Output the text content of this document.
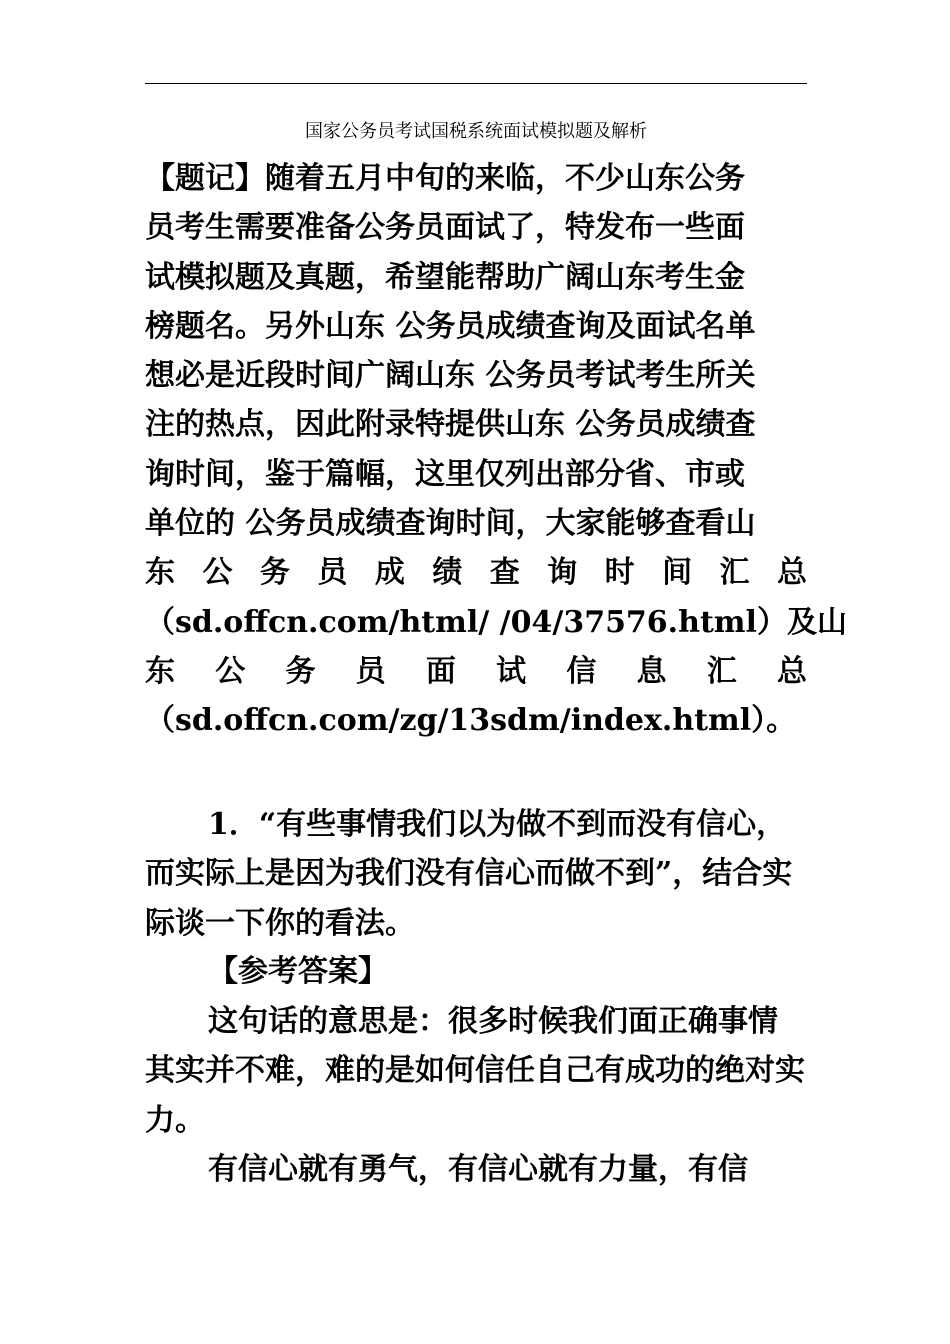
国家公务员考试国税系统面试模拟题及解析
【题记】随着五月中旬的来临，不少山东公务
员考生需要准备公务员面试了，特发布一些面
试模拟题及真题，希望能帮助广阔山东考生金
榜题名。另外山东 公务员成绩查询及面试名单
想必是近段时间广阔山东 公务员考试考生所关
注的热点，因此附录特提供山东 公务员成绩查
询时间，鉴于篇幅，这里仅列出部分省、市或
单位的 公务员成绩查询时间，大家能够查看山
东 公 务 员 成 绩 查 询 时 间 汇 总
（sd.offcn.com/html/ /04/37576.html）及山
东 公 务 员 面 试 信 息 汇 总
（sd.offcn.com/zg/13sdm/index.html）。

1．“有些事情我们以为做不到而没有信心，而实际上是因为我们没有信心而做不到”，结合实际谈一下你的看法。

【参考答案】

这句话的意思是：很多时候我们面正确事情其实并不难，难的是如何信任自己有成功的绝对实力。

有信心就有勇气，有信心就有力量，有信
